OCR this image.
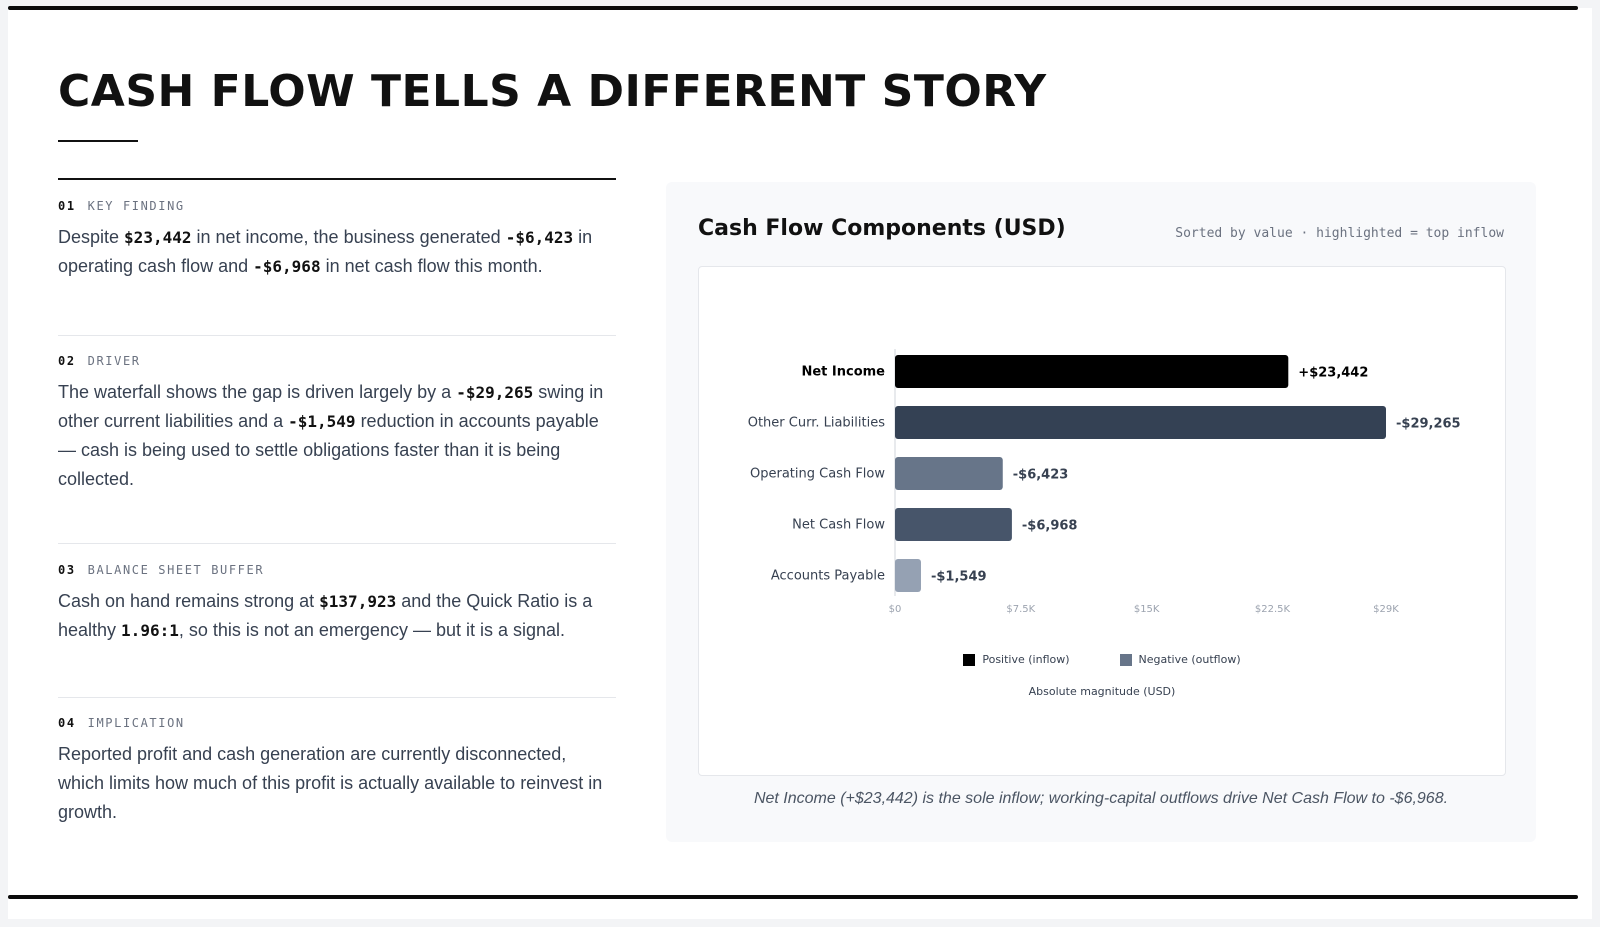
CASH FLOW TELLS A DIFFERENT STORY

01 KEY FINDING

Despite $23,442 in net income, the business generated -$6,423 in operating cash flow and -$6,968 in net cash flow this month.

02 DRIVER

The waterfall shows the gap is driven largely by a -$29,265 swing in other current liabilities and a -$1,549 reduction in accounts payable — cash is being used to settle obligations faster than it is being collected.

03 BALANCE SHEET BUFFER

Cash on hand remains strong at $137,923 and the Quick Ratio is a healthy 1.96:1, so this is not an emergency — but it is a signal.

04 IMPLICATION

Reported profit and cash generation are currently disconnected, which limits how much of this profit is actually available to reinvest in growth.

Cash Flow Components (USD)	Sorted by value · highlighted = top inflow
Net Income	+$23,442
Other Curr. Liabilities	-$29,265
Operating Cash Flow	-$6,423
Net Cash Flow	-$6,968
Accounts Payable	-$1,549
$0	$7.5K	$15K	$22.5K	$29K
Positive (inflow)	Negative (outflow)
Absolute magnitude (USD)
Net Income (+$23,442) is the sole inflow; working-capital outflows drive Net Cash Flow to -$6,968.
